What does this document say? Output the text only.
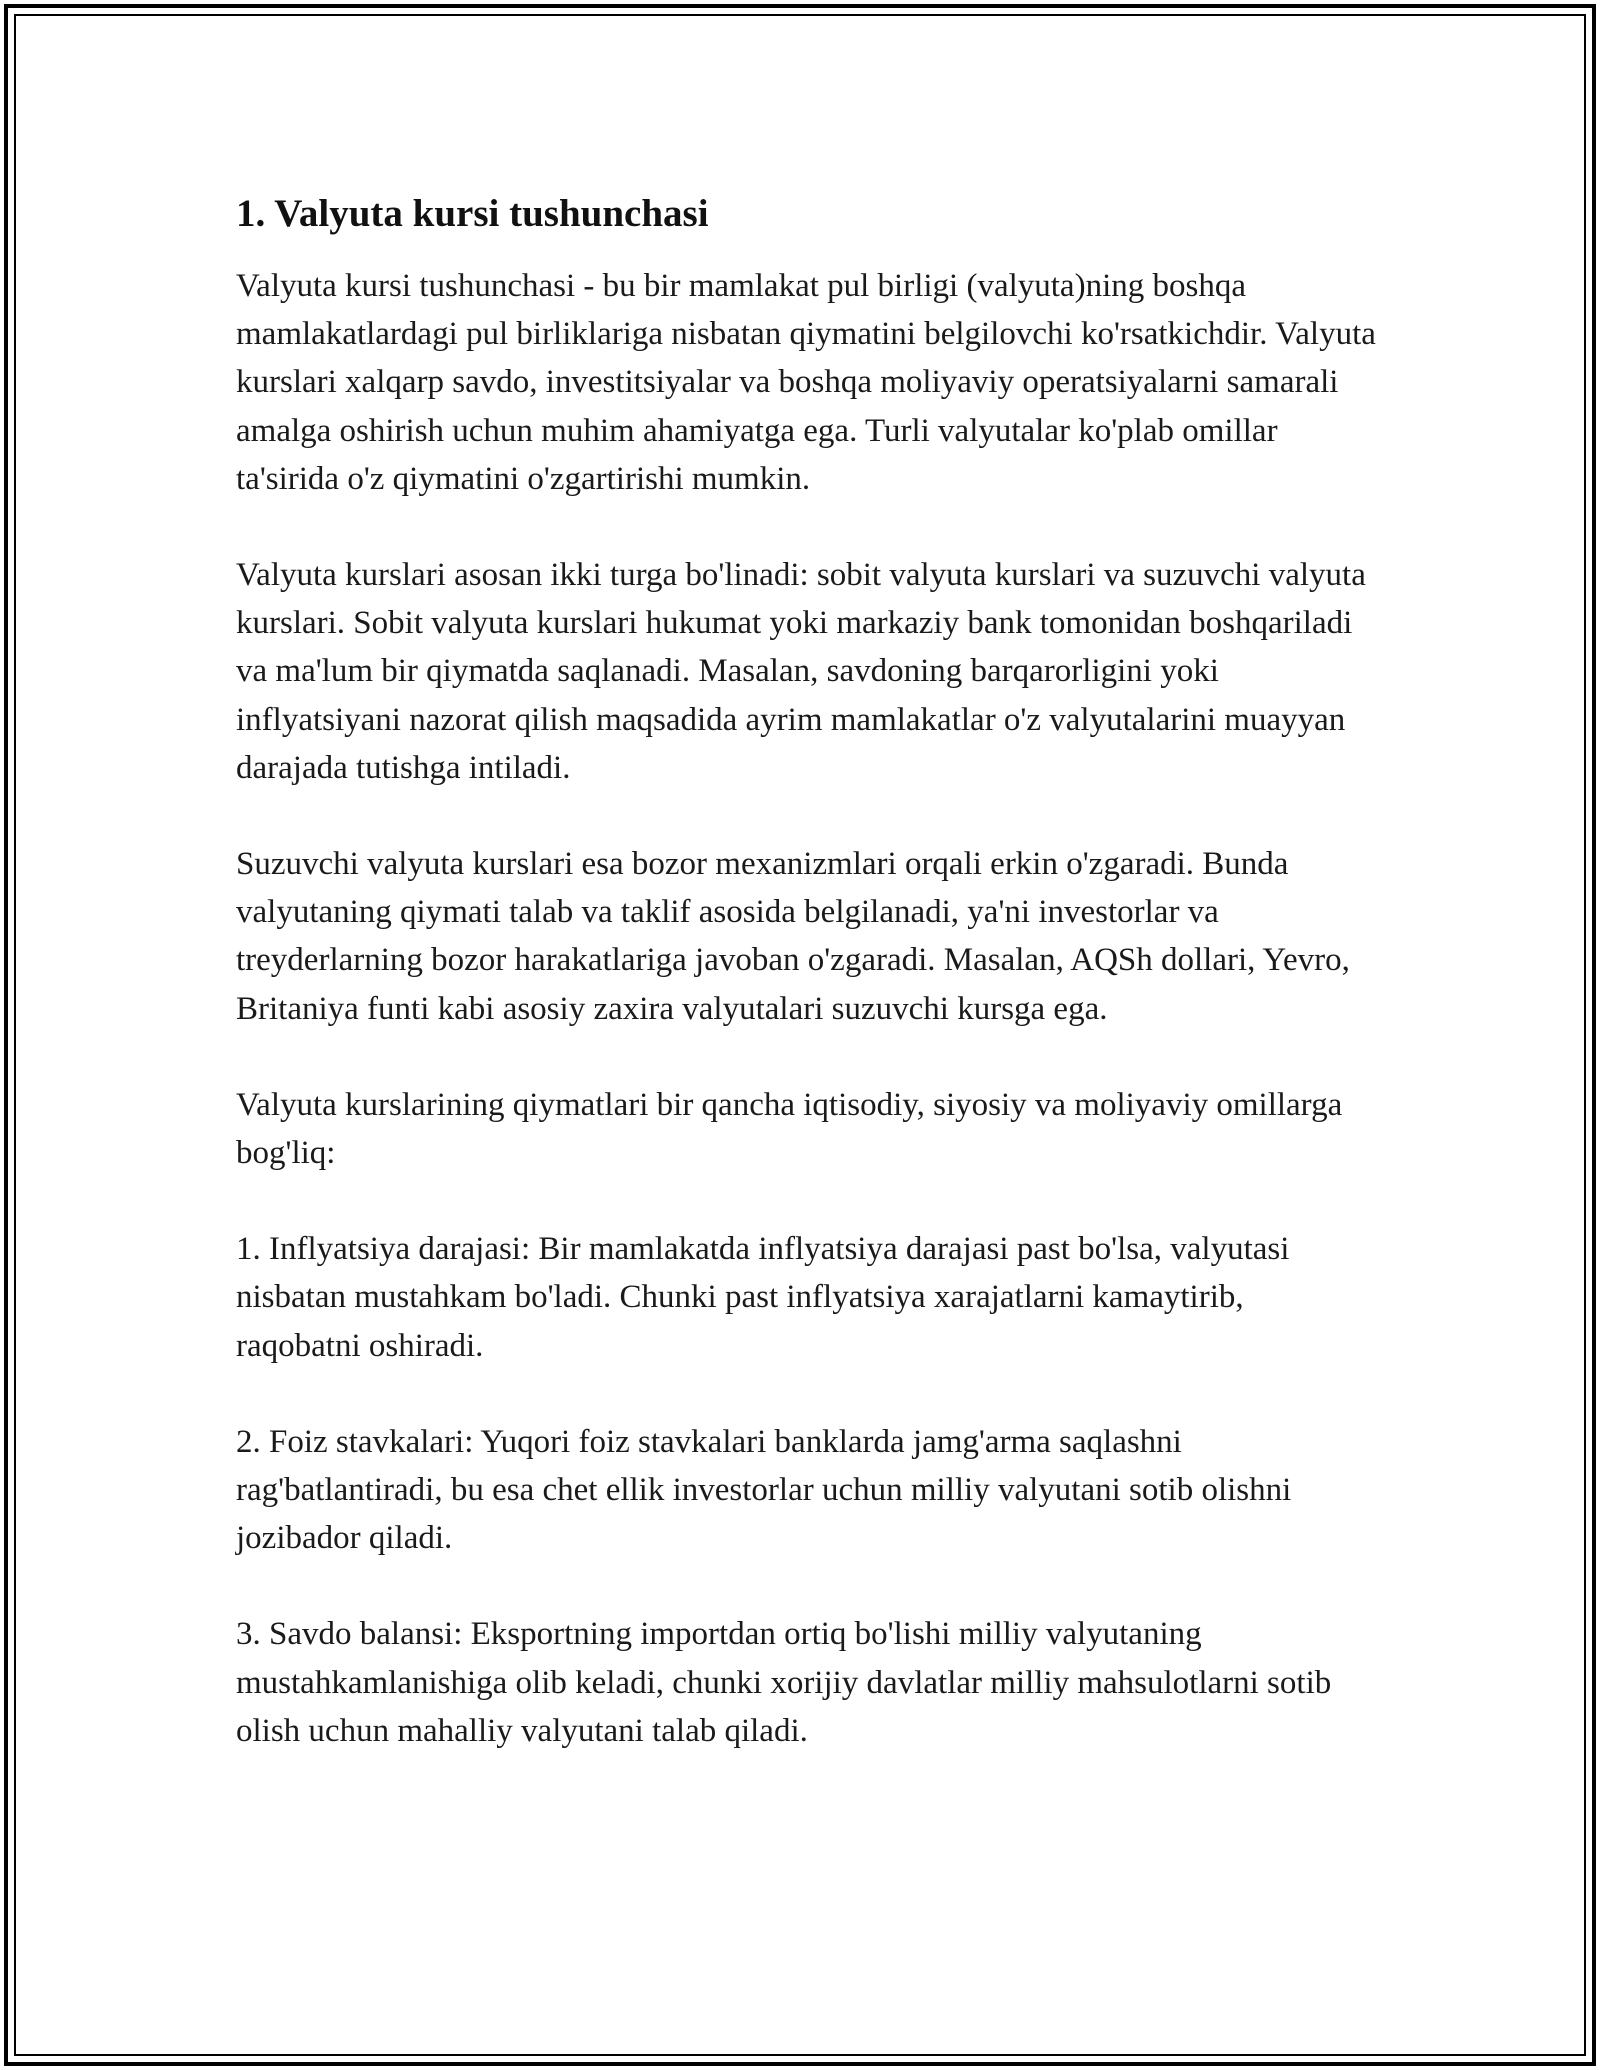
1. Valyuta kursi tushunchasi

Valyuta kursi tushunchasi - bu bir mamlakat pul birligi (valyuta)ning boshqa mamlakatlardagi pul birliklariga nisbatan qiymatini belgilovchi ko'rsatkichdir. Valyuta kurslari xalqarp savdo, investitsiyalar va boshqa moliyaviy operatsiyalarni samarali amalga oshirish uchun muhim ahamiyatga ega. Turli valyutalar ko'plab omillar ta'sirida o'z qiymatini o'zgartirishi mumkin.

Valyuta kurslari asosan ikki turga bo'linadi: sobit valyuta kurslari va suzuvchi valyuta kurslari. Sobit valyuta kurslari hukumat yoki markaziy bank tomonidan boshqariladi va ma'lum bir qiymatda saqlanadi. Masalan, savdoning barqarorligini yoki inflyatsiyani nazorat qilish maqsadida ayrim mamlakatlar o'z valyutalarini muayyan darajada tutishga intiladi.

Suzuvchi valyuta kurslari esa bozor mexanizmlari orqali erkin o'zgaradi. Bunda valyutaning qiymati talab va taklif asosida belgilanadi, ya'ni investorlar va treyderlarning bozor harakatlariga javoban o'zgaradi. Masalan, AQSh dollari, Yevro, Britaniya funti kabi asosiy zaxira valyutalari suzuvchi kursga ega.

Valyuta kurslarining qiymatlari bir qancha iqtisodiy, siyosiy va moliyaviy omillarga bog'liq:

1. Inflyatsiya darajasi: Bir mamlakatda inflyatsiya darajasi past bo'lsa, valyutasi nisbatan mustahkam bo'ladi. Chunki past inflyatsiya xarajatlarni kamaytirib, raqobatni oshiradi.

2. Foiz stavkalari: Yuqori foiz stavkalari banklarda jamg'arma saqlashni rag'batlantiradi, bu esa chet ellik investorlar uchun milliy valyutani sotib olishni jozibador qiladi.

3. Savdo balansi: Eksportning importdan ortiq bo'lishi milliy valyutaning mustahkamlanishiga olib keladi, chunki xorijiy davlatlar milliy mahsulotlarni sotib olish uchun mahalliy valyutani talab qiladi.
